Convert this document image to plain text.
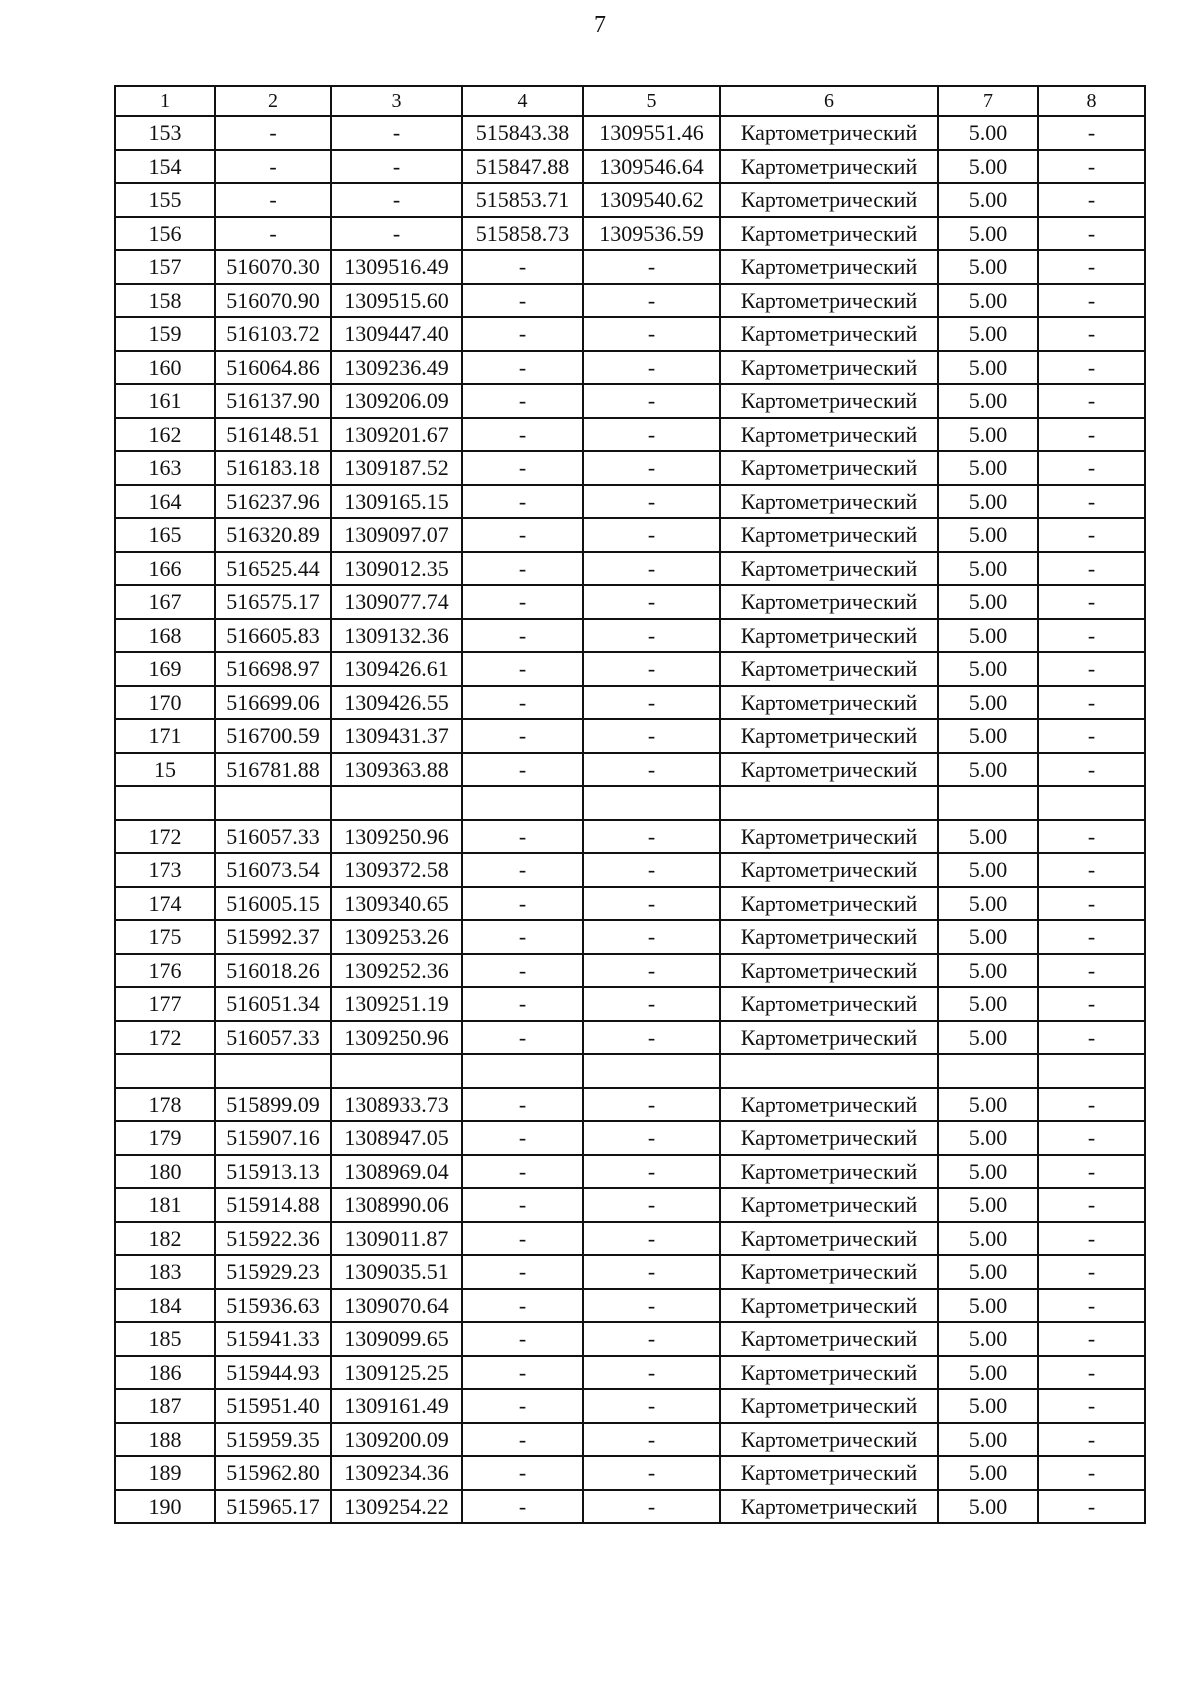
7
1	2	3	4	5	6	7	8
153	-	-	515843.38	1309551.46	Картометрический	5.00	-
154	-	-	515847.88	1309546.64	Картометрический	5.00	-
155	-	-	515853.71	1309540.62	Картометрический	5.00	-
156	-	-	515858.73	1309536.59	Картометрический	5.00	-
157	516070.30	1309516.49	-	-	Картометрический	5.00	-
158	516070.90	1309515.60	-	-	Картометрический	5.00	-
159	516103.72	1309447.40	-	-	Картометрический	5.00	-
160	516064.86	1309236.49	-	-	Картометрический	5.00	-
161	516137.90	1309206.09	-	-	Картометрический	5.00	-
162	516148.51	1309201.67	-	-	Картометрический	5.00	-
163	516183.18	1309187.52	-	-	Картометрический	5.00	-
164	516237.96	1309165.15	-	-	Картометрический	5.00	-
165	516320.89	1309097.07	-	-	Картометрический	5.00	-
166	516525.44	1309012.35	-	-	Картометрический	5.00	-
167	516575.17	1309077.74	-	-	Картометрический	5.00	-
168	516605.83	1309132.36	-	-	Картометрический	5.00	-
169	516698.97	1309426.61	-	-	Картометрический	5.00	-
170	516699.06	1309426.55	-	-	Картометрический	5.00	-
171	516700.59	1309431.37	-	-	Картометрический	5.00	-
15	516781.88	1309363.88	-	-	Картометрический	5.00	-

172	516057.33	1309250.96	-	-	Картометрический	5.00	-
173	516073.54	1309372.58	-	-	Картометрический	5.00	-
174	516005.15	1309340.65	-	-	Картометрический	5.00	-
175	515992.37	1309253.26	-	-	Картометрический	5.00	-
176	516018.26	1309252.36	-	-	Картометрический	5.00	-
177	516051.34	1309251.19	-	-	Картометрический	5.00	-
172	516057.33	1309250.96	-	-	Картометрический	5.00	-

178	515899.09	1308933.73	-	-	Картометрический	5.00	-
179	515907.16	1308947.05	-	-	Картометрический	5.00	-
180	515913.13	1308969.04	-	-	Картометрический	5.00	-
181	515914.88	1308990.06	-	-	Картометрический	5.00	-
182	515922.36	1309011.87	-	-	Картометрический	5.00	-
183	515929.23	1309035.51	-	-	Картометрический	5.00	-
184	515936.63	1309070.64	-	-	Картометрический	5.00	-
185	515941.33	1309099.65	-	-	Картометрический	5.00	-
186	515944.93	1309125.25	-	-	Картометрический	5.00	-
187	515951.40	1309161.49	-	-	Картометрический	5.00	-
188	515959.35	1309200.09	-	-	Картометрический	5.00	-
189	515962.80	1309234.36	-	-	Картометрический	5.00	-
190	515965.17	1309254.22	-	-	Картометрический	5.00	-
